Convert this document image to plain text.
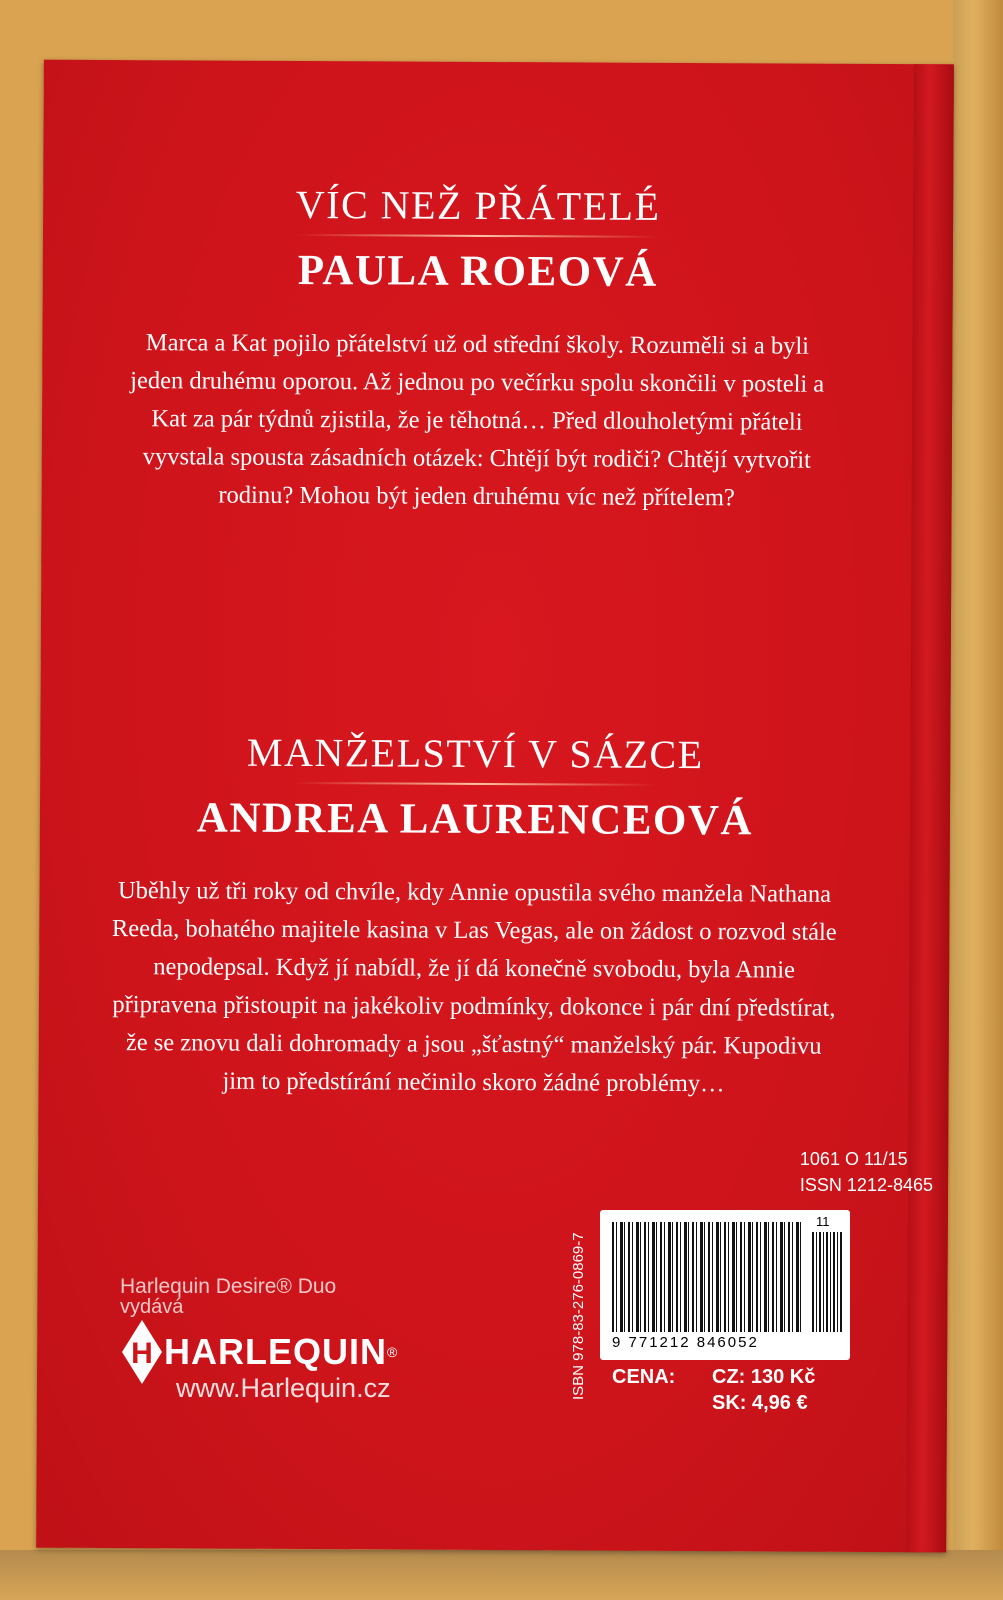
VÍC NEŽ PŘÁTELÉ
PAULA ROEOVÁ
Marca a Kat pojilo přátelství už od střední školy. Rozuměli si a byli jeden druhému oporou. Až jednou po večírku spolu skončili v posteli a Kat za pár týdnů zjistila, že je těhotná… Před dlouholetými přáteli vyvstala spousta zásadních otázek: Chtějí být rodiči? Chtějí vytvořit rodinu? Mohou být jeden druhému víc než přítelem?
MANŽELSTVÍ V SÁZCE
ANDREA LAURENCEOVÁ
Uběhly už tři roky od chvíle, kdy Annie opustila svého manžela Nathana Reeda, bohatého majitele kasina v Las Vegas, ale on žádost o rozvod stále nepodepsal. Když jí nabídl, že jí dá konečně svobodu, byla Annie připravena přistoupit na jakékoliv podmínky, dokonce i pár dní předstírat, že se znovu dali dohromady a jsou „šťastný“ manželský pár. Kupodivu jim to předstírání nečinilo skoro žádné problémy…
1061 O 11/15
ISSN 1212-8465
ISBN 978-83-276-0869-7
11
9 771212 846052
CENA:	CZ: 130 Kč
SK: 4,96 €
Harlequin Desire® Duo
vydává
H HARLEQUIN ®
www.Harlequin.cz
